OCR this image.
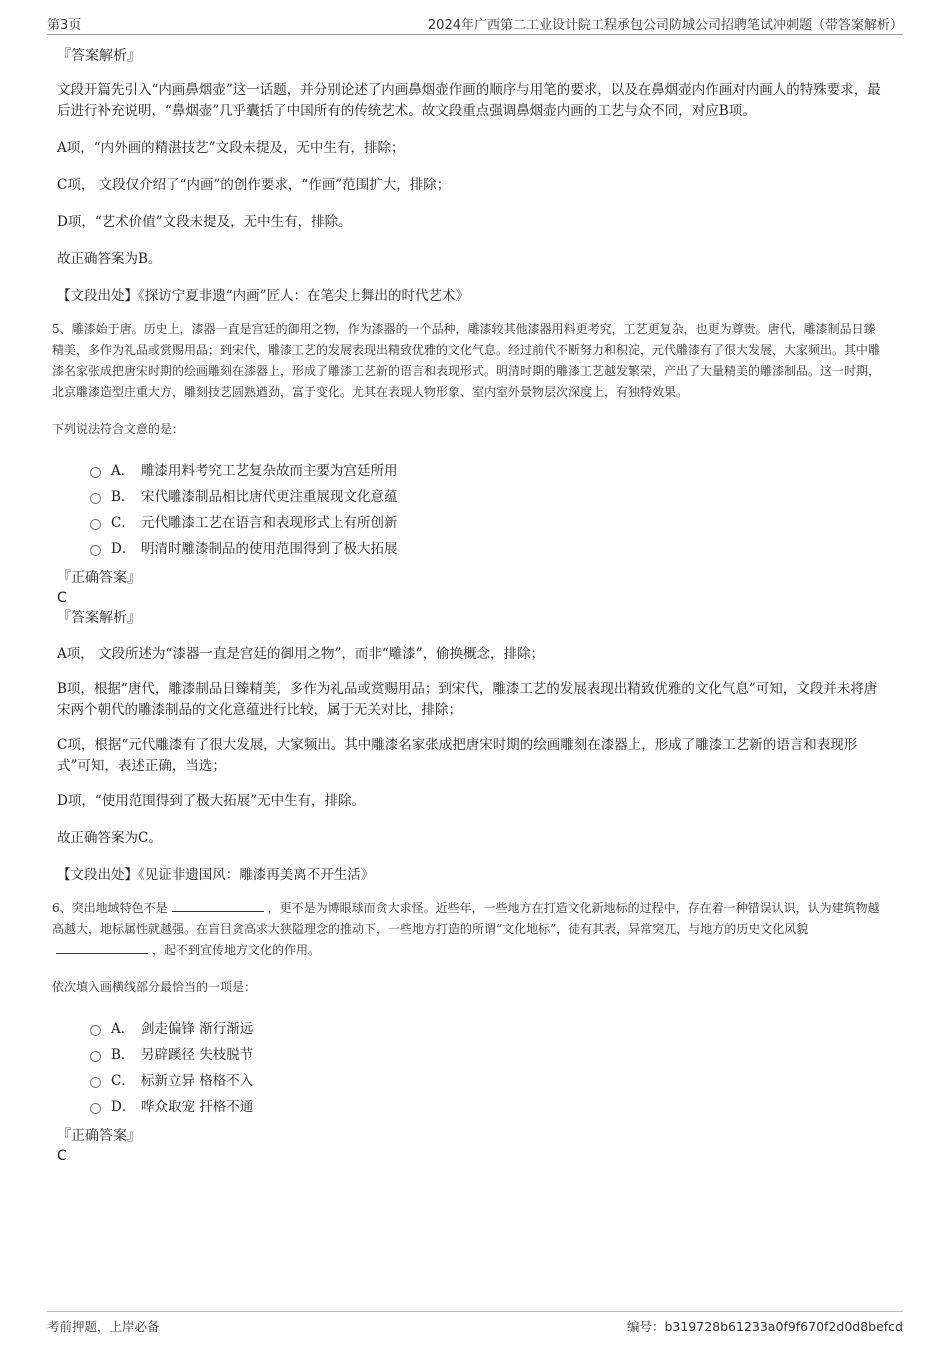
第3页	2024年广西第二工业设计院工程承包公司防城公司招聘笔试冲刺题（带答案解析）

『答案解析』

文段开篇先引入“内画鼻烟壶”这一话题，并分别论述了内画鼻烟壶作画的顺序与用笔的要求，以及在鼻烟壶内作画对内画人的特殊要求，最后进行补充说明，“鼻烟壶”几乎囊括了中国所有的传统艺术。故文段重点强调鼻烟壶内画的工艺与众不同，对应B项。

A项，“内外画的精湛技艺”文段未提及，无中生有，排除；

C项， 文段仅介绍了“内画”的创作要求，“作画”范围扩大，排除；

D项，“艺术价值”文段未提及，无中生有，排除。

故正确答案为B。

【文段出处】《探访宁夏非遗“内画”匠人：在笔尖上舞出的时代艺术》

5、雕漆始于唐。历史上，漆器一直是宫廷的御用之物，作为漆器的一个品种，雕漆较其他漆器用料更考究，工艺更复杂，也更为尊贵。唐代，雕漆制品日臻精美，多作为礼品或赏赐用品；到宋代，雕漆工艺的发展表现出精致优雅的文化气息。经过前代不断努力和积淀，元代雕漆有了很大发展，大家频出。其中雕漆名家张成把唐宋时期的绘画雕刻在漆器上，形成了雕漆工艺新的语言和表现形式。明清时期的雕漆工艺越发繁荣，产出了大量精美的雕漆制品。这一时期，北京雕漆造型庄重大方，雕刻技艺圆熟遒劲，富于变化。尤其在表现人物形象、室内室外景物层次深度上，有独特效果。

下列说法符合文意的是：

A． 雕漆用料考究工艺复杂故而主要为宫廷所用
B． 宋代雕漆制品相比唐代更注重展现文化意蕴
C． 元代雕漆工艺在语言和表现形式上有所创新
D． 明清时雕漆制品的使用范围得到了极大拓展

『正确答案』

C

『答案解析』

A项， 文段所述为“漆器一直是宫廷的御用之物”，而非“雕漆”，偷换概念，排除；

B项，根据“唐代，雕漆制品日臻精美，多作为礼品或赏赐用品；到宋代，雕漆工艺的发展表现出精致优雅的文化气息”可知，文段并未将唐宋两个朝代的雕漆制品的文化意蕴进行比较，属于无关对比，排除；

C项，根据“元代雕漆有了很大发展，大家频出。其中雕漆名家张成把唐宋时期的绘画雕刻在漆器上，形成了雕漆工艺新的语言和表现形式”可知，表述正确，当选；

D项，“使用范围得到了极大拓展”无中生有，排除。

故正确答案为C。

【文段出处】《见证非遗国风：雕漆再美离不开生活》

6、突出地域特色不是	，更不是为博眼球而贪大求怪。近些年，一些地方在打造文化新地标的过程中，存在着一种错误认识，认为建筑物越高越大，地标属性就越强。在盲目贪高求大狭隘理念的推动下，一些地方打造的所谓“文化地标”，徒有其表，异常突兀，与地方的历史文化风貌，起不到宣传地方文化的作用。

依次填入画横线部分最恰当的一项是：

A． 剑走偏锋 渐行渐远
B． 另辟蹊径 失枝脱节
C． 标新立异 格格不入
D． 哗众取宠 扞格不通

『正确答案』

C

考前押题，上岸必备	编号：b319728b61233a0f9f670f2d0d8befcd
